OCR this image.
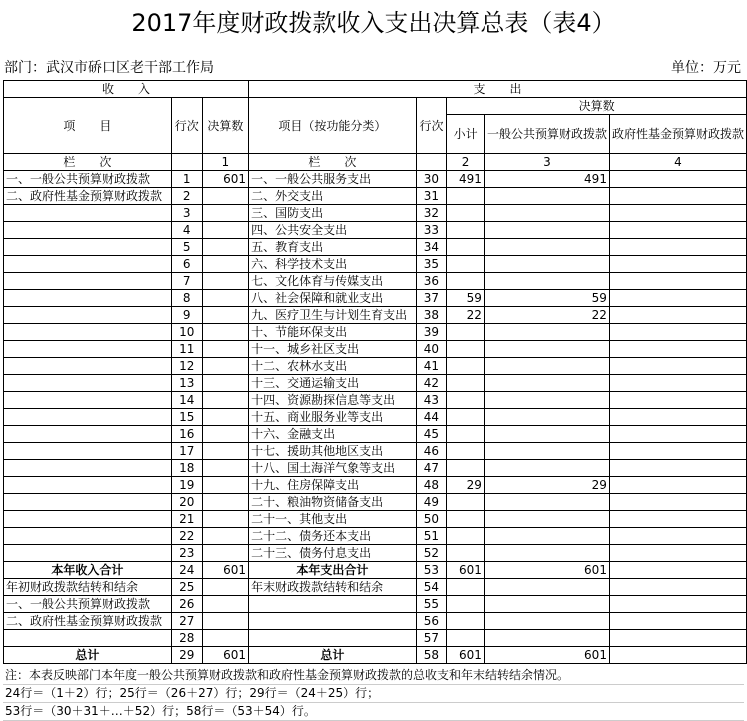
2017年度财政拨款收入支出决算总表（表4）
部门：武汉市硚口区老干部工作局	单位：万元
收　　入			支　　出				
项　　目	行次	决算数	项目（按功能分类）	行次	决算数		
					小计	一般公共预算财政拨款	政府性基金预算财政拨款
栏　　次		1	栏　　次		2	3	4
一、一般公共预算财政拨款	1	601	一、一般公共服务支出	30	491	491	
二、政府性基金预算财政拨款	2		二、外交支出	31			
	3		三、国防支出	32			
	4		四、公共安全支出	33			
	5		五、教育支出	34			
	6		六、科学技术支出	35			
	7		七、文化体育与传媒支出	36			
	8		八、社会保障和就业支出	37	59	59	
	9		九、医疗卫生与计划生育支出	38	22	22	
	10		十、节能环保支出	39			
	11		十一、城乡社区支出	40			
	12		十二、农林水支出	41			
	13		十三、交通运输支出	42			
	14		十四、资源勘探信息等支出	43			
	15		十五、商业服务业等支出	44			
	16		十六、金融支出	45			
	17		十七、援助其他地区支出	46			
	18		十八、国土海洋气象等支出	47			
	19		十九、住房保障支出	48	29	29	
	20		二十、粮油物资储备支出	49			
	21		二十一、其他支出	50			
	22		二十二、债务还本支出	51			
	23		二十三、债务付息支出	52			
本年收入合计	24	601	本年支出合计	53	601	601	
年初财政拨款结转和结余	25		年末财政拨款结转和结余	54			
一、一般公共预算财政拨款	26			55			
二、政府性基金预算财政拨款	27			56			
	28			57			
总计	29	601	总计	58	601	601	
注：本表反映部门本年度一般公共预算财政拨款和政府性基金预算财政拨款的总收支和年末结转结余情况。
24行＝（1＋2）行；25行＝（26＋27）行；29行＝（24＋25）行；
53行＝（30＋31＋…＋52）行；58行＝（53＋54）行。
